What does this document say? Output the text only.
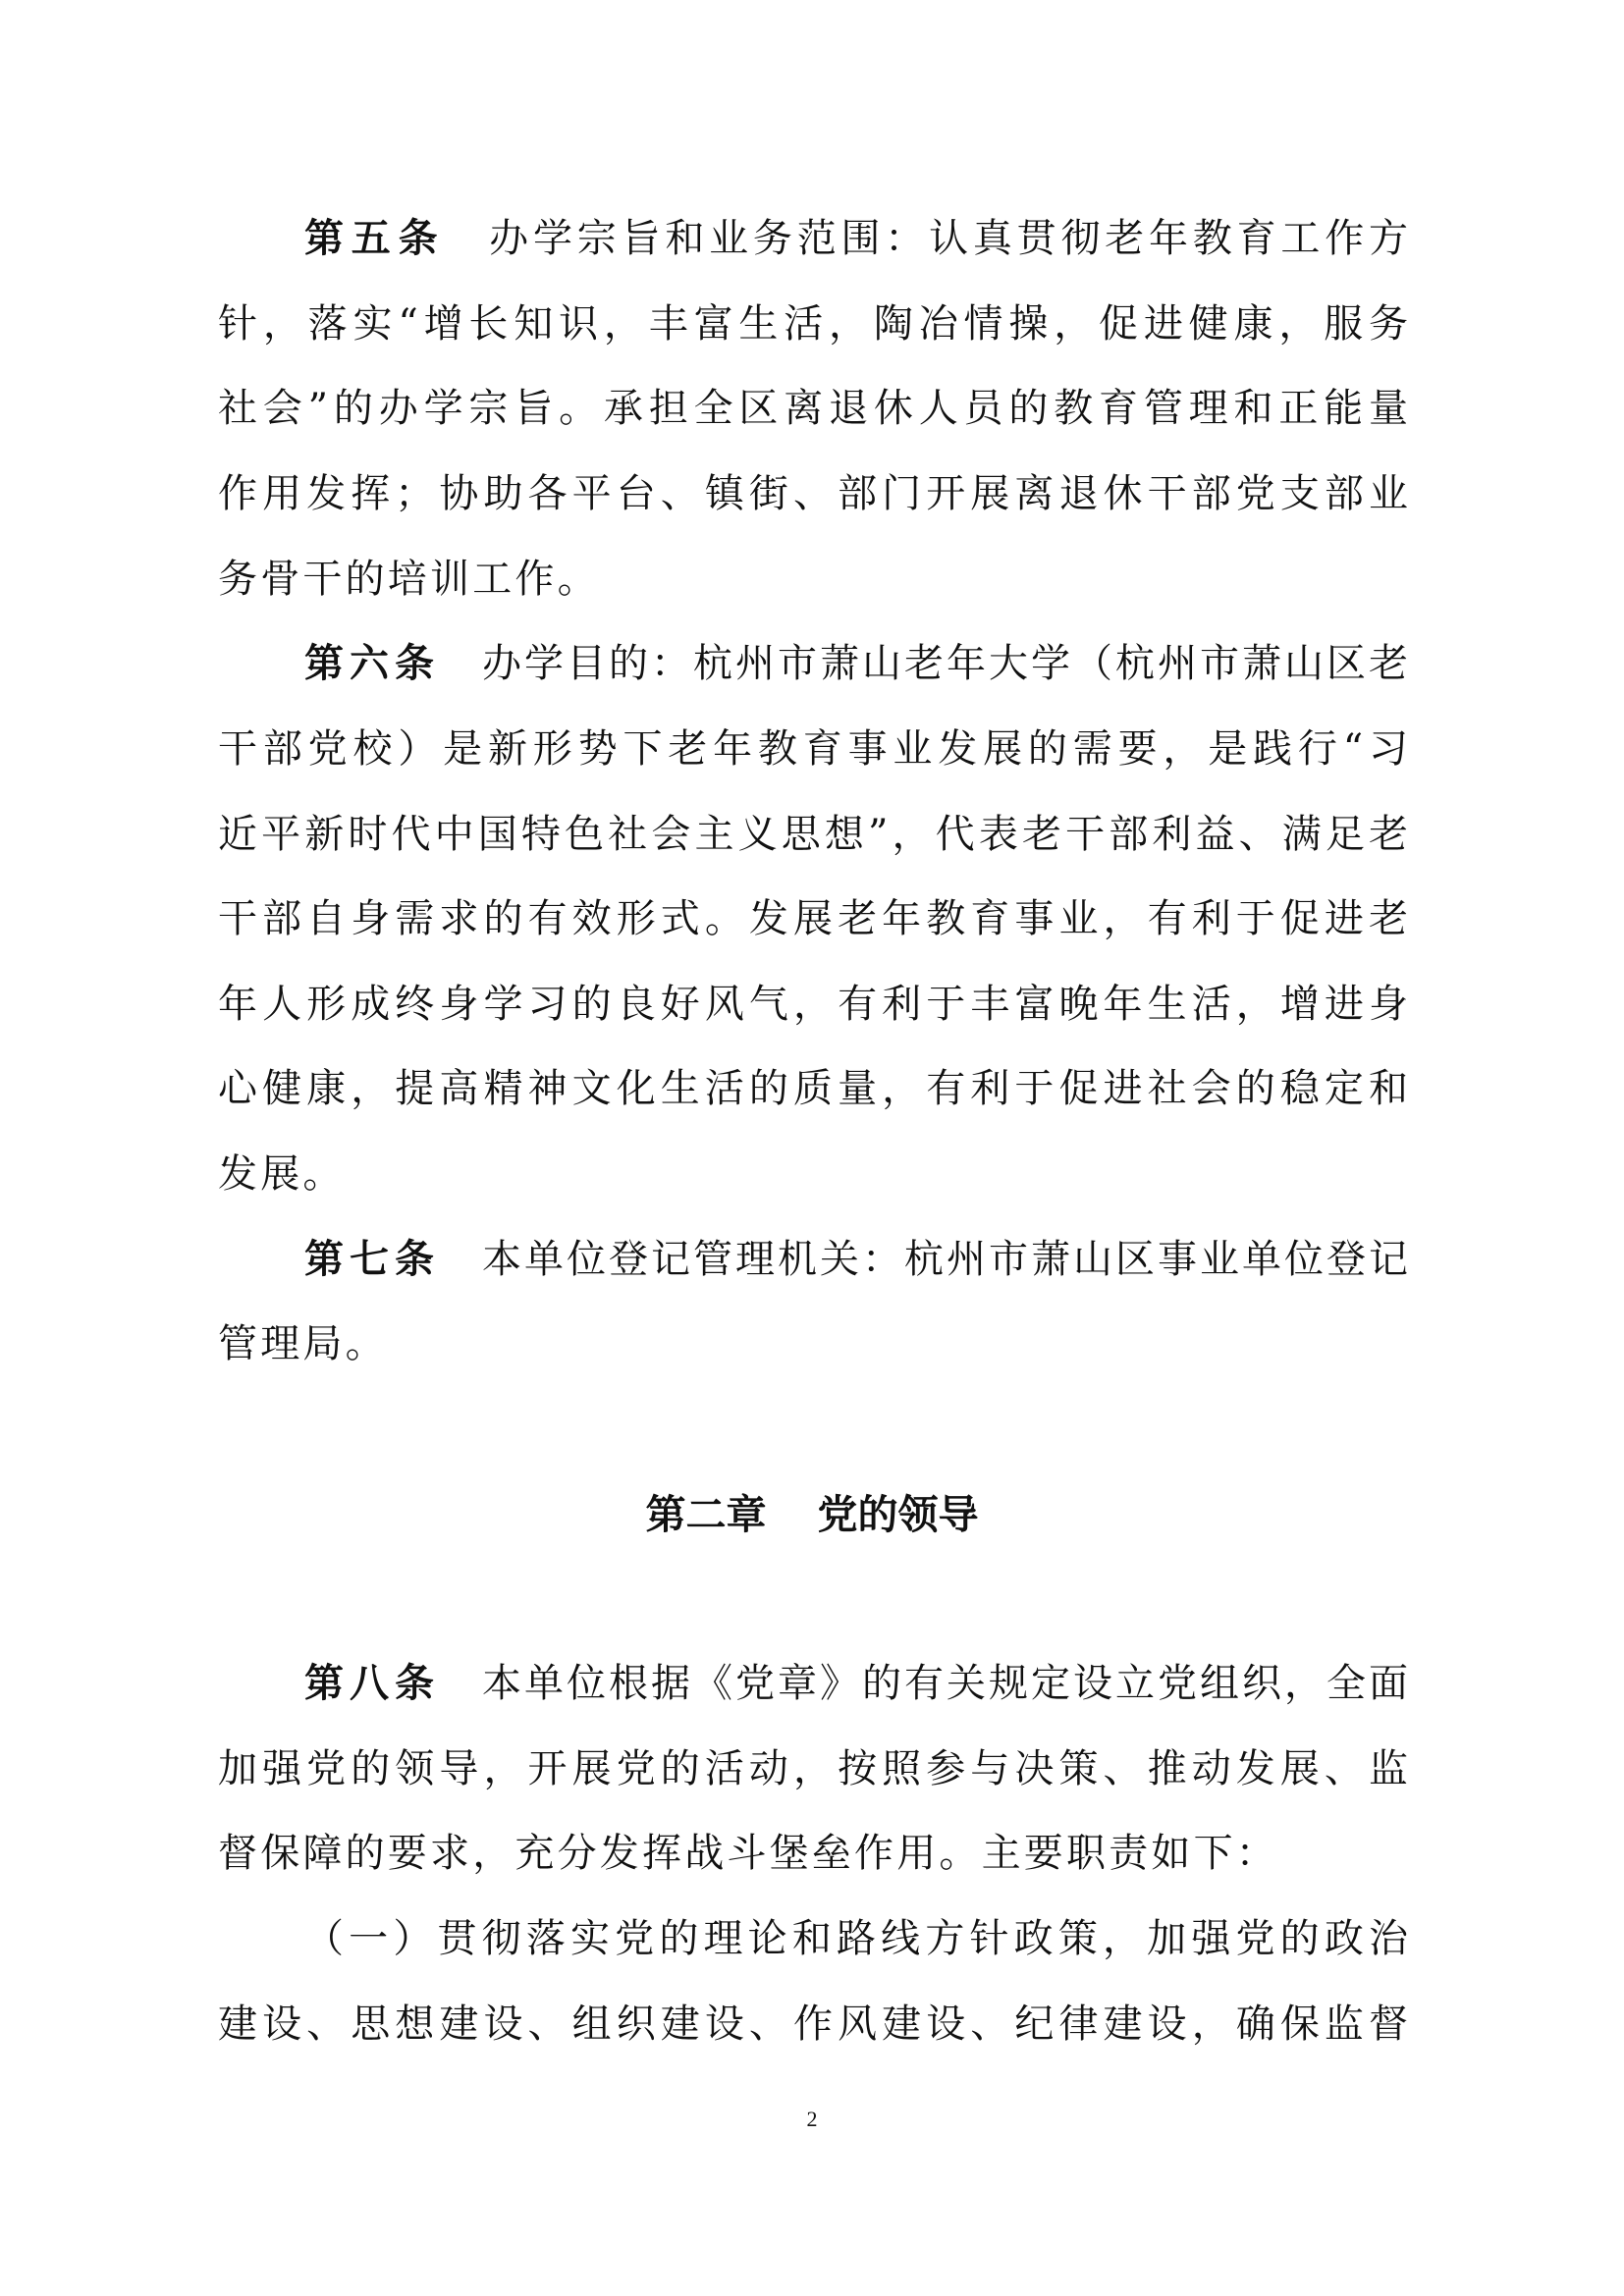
第五条  办学宗旨和业务范围：认真贯彻老年教育工作方
针，落实“增长知识，丰富生活，陶冶情操，促进健康，服务
社会”的办学宗旨。承担全区离退休人员的教育管理和正能量
作用发挥；协助各平台、镇街、部门开展离退休干部党支部业
务骨干的培训工作。
第六条  办学目的：杭州市萧山老年大学（杭州市萧山区老
干部党校）是新形势下老年教育事业发展的需要，是践行“习
近平新时代中国特色社会主义思想”，代表老干部利益、满足老
干部自身需求的有效形式。发展老年教育事业，有利于促进老
年人形成终身学习的良好风气，有利于丰富晚年生活，增进身
心健康，提高精神文化生活的质量，有利于促进社会的稳定和
发展。
第七条  本单位登记管理机关：杭州市萧山区事业单位登记
管理局。
第二章 党的领导
第八条  本单位根据《党章》的有关规定设立党组织，全面
加强党的领导，开展党的活动，按照参与决策、推动发展、监
督保障的要求，充分发挥战斗堡垒作用。主要职责如下：
（一）贯彻落实党的理论和路线方针政策，加强党的政治
建设、思想建设、组织建设、作风建设、纪律建设，确保监督
2
